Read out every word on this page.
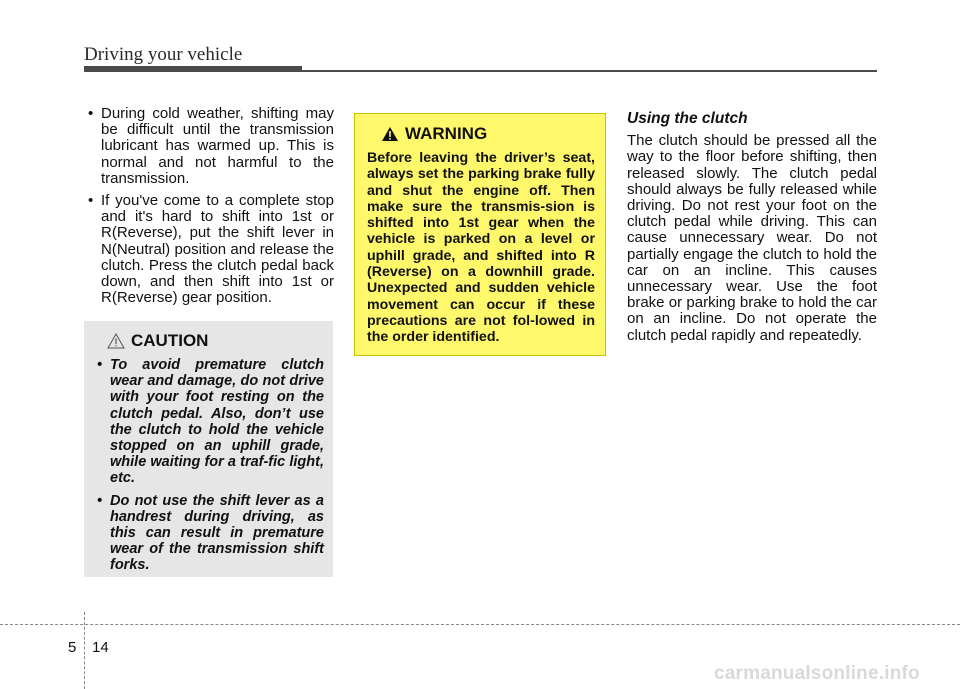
Driving your vehicle
• During cold weather, shifting may be difficult until the transmission lubricant has warmed up. This is normal and not harmful to the transmission.
• If you've come to a complete stop and it's hard to shift into 1st or R(Reverse), put the shift lever in N(Neutral) position and release the clutch. Press the clutch pedal back down, and then shift into 1st or R(Reverse) gear position.
CAUTION
• To avoid premature clutch wear and damage, do not drive with your foot resting on the clutch pedal. Also, don’t use the clutch to hold the vehicle stopped on an uphill grade, while waiting for a traf-fic light, etc.
• Do not use the shift lever as a handrest during driving, as this can result in premature wear of the transmission shift forks.
WARNING
Before leaving the driver’s seat, always set the parking brake fully and shut the engine off. Then make sure the transmis-sion is shifted into 1st gear when the vehicle is parked on a level or uphill grade, and shifted into R (Reverse) on a downhill grade. Unexpected and sudden vehicle movement can occur if these precautions are not fol-lowed in the order identified.
Using the clutch
The clutch should be pressed all the way to the floor before shifting, then released slowly. The clutch pedal should always be fully released while driving. Do not rest your foot on the clutch pedal while driving. This can cause unnecessary wear. Do not partially engage the clutch to hold the car on an incline. This causes unnecessary wear. Use the foot brake or parking brake to hold the car on an incline. Do not operate the clutch pedal rapidly and repeatedly.
5 14
carmanualsonline.info
